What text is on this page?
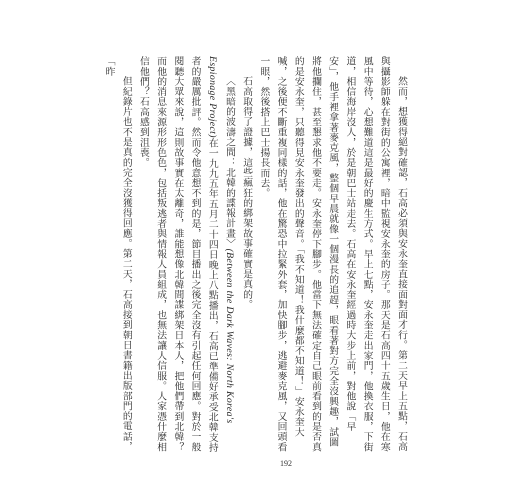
然而，想獲得絕對確認，石高必須與安永奎直接面對面才行。第二天早上五點，石高與攝影師躲在對街的公寓裡，暗中監視安永奎的房子。那天是石高四十五歲生日，他在寒風中等待，心想難道這是最好的慶生方式。早上七點，安永奎走出家門，他換衣服，下街道，相信海岸沒人，於是朝巴士站走去。石高在安永奎經過時大步上前，對他說「早安」，他手裡拿著麥克風，整個早晨就像一個漫長的追趕，眼看著對方完全沒興趣，試圖將他攔住，甚至懇求他不要走。安永奎停下腳步。他當下無法確定自己眼前看到的是否真的是安永奎，只聽得見安永奎發出的聲音。「我不知道！我什麼都不知道！」安永奎大喊，之後便不斷重複同樣的話，他在驚恐中拉緊外套，加快腳步，逃避麥克風，又回頭看一眼，然後搭上巴士揚長而去。

石高取得了證據，這些瘋狂的綁架故事確實是真的。

〈黑暗的波濤之間：北韓的諜報計畫〉(Between the Dark Waves: North Korea's Espionage Project)在一九九五年五月二十四日晚上八點播出，石高已準備好承受北韓支持者的嚴厲批評。然而令他意想不到的是，節目播出之後完全沒有引起任何回應。對於一般閱聽大眾來說，這則故事實在太離奇，誰能想像北韓間諜綁架日本人，把他們帶到北韓？而他的消息來源形形色色，包括叛逃者與情報人員組成，也無法讓人信服。人家憑什麼相信他們？石高感到沮喪。

但紀錄片也不是真的完全沒獲得回應。第二天，石高接到朝日書籍出版部門的電話，「昨

192
